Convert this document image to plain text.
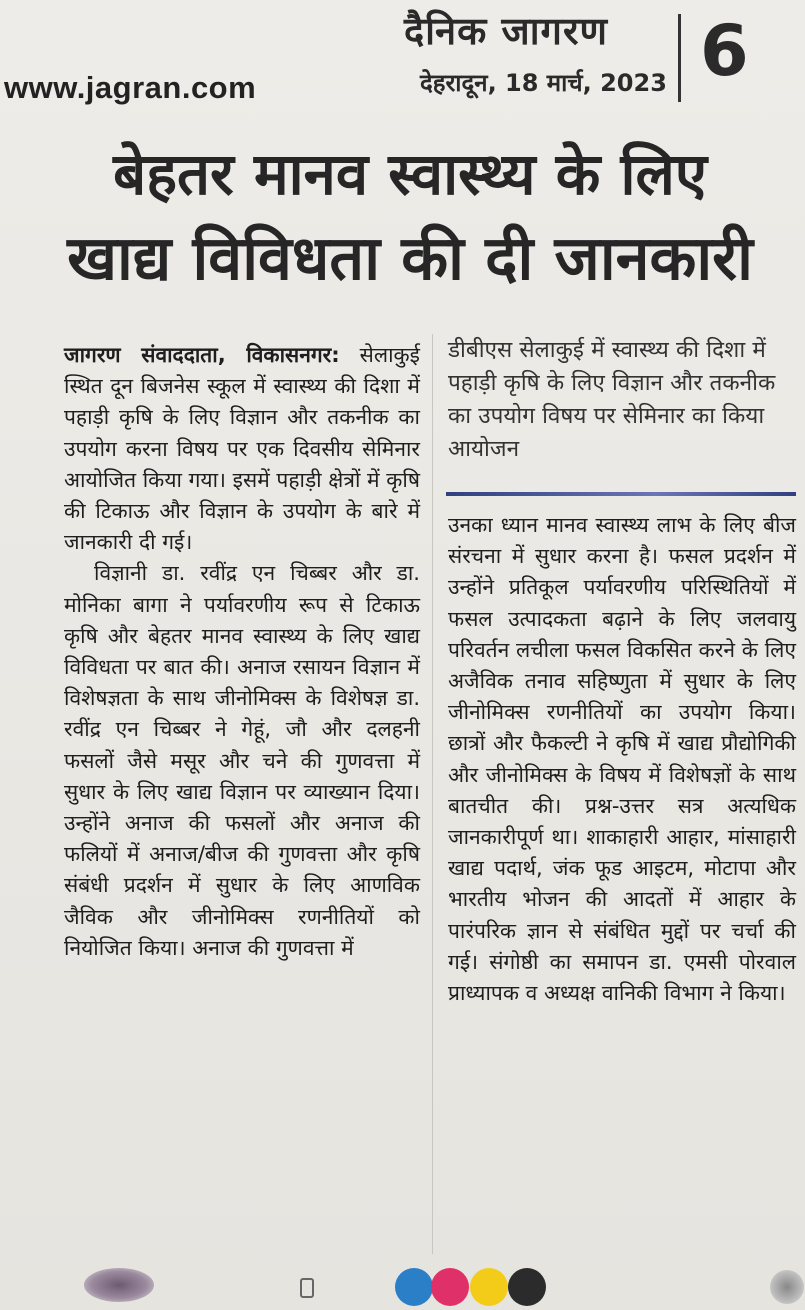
www.jagran.com
दैनिक जागरण
देहरादून, 18 मार्च, 2023 6
बेहतर मानव स्वास्थ्य के लिए
खाद्य विविधता की दी जानकारी

जागरण संवाददाता, विकासनगर: सेलाकुई स्थित दून बिजनेस स्कूल में स्वास्थ्य की दिशा में पहाड़ी कृषि के लिए विज्ञान और तकनीक का उपयोग करना विषय पर एक दिवसीय सेमिनार आयोजित किया गया। इसमें पहाड़ी क्षेत्रों में कृषि की टिकाऊ और विज्ञान के उपयोग के बारे में जानकारी दी गई।

विज्ञानी डा. रवींद्र एन चिब्बर और डा. मोनिका बागा ने पर्यावरणीय रूप से टिकाऊ कृषि और बेहतर मानव स्वास्थ्य के लिए खाद्य विविधता पर बात की। अनाज रसायन विज्ञान में विशेषज्ञता के साथ जीनोमिक्स के विशेषज्ञ डा. रवींद्र एन चिब्बर ने गेहूं, जौ और दलहनी फसलों जैसे मसूर और चने की गुणवत्ता में सुधार के लिए खाद्य विज्ञान पर व्याख्यान दिया। उन्होंने अनाज की फसलों और अनाज की फलियों में अनाज/बीज की गुणवत्ता और कृषि संबंधी प्रदर्शन में सुधार के लिए आणविक जैविक और जीनोमिक्स रणनीतियों को नियोजित किया। अनाज की गुणवत्ता में

डीबीएस सेलाकुई में स्वास्थ्य की दिशा में पहाड़ी कृषि के लिए विज्ञान और तकनीक का उपयोग विषय पर सेमिनार का किया आयोजन

उनका ध्यान मानव स्वास्थ्य लाभ के लिए बीज संरचना में सुधार करना है। फसल प्रदर्शन में उन्होंने प्रतिकूल पर्यावरणीय परिस्थितियों में फसल उत्पादकता बढ़ाने के लिए जलवायु परिवर्तन लचीला फसल विकसित करने के लिए अजैविक तनाव सहिष्णुता में सुधार के लिए जीनोमिक्स रणनीतियों का उपयोग किया। छात्रों और फैकल्टी ने कृषि में खाद्य प्रौद्योगिकी और जीनोमिक्स के विषय में विशेषज्ञों के साथ बातचीत की। प्रश्न-उत्तर सत्र अत्यधिक जानकारीपूर्ण था। शाकाहारी आहार, मांसाहारी खाद्य पदार्थ, जंक फूड आइटम, मोटापा और भारतीय भोजन की आदतों में आहार के पारंपरिक ज्ञान से संबंधित मुद्दों पर चर्चा की गई। संगोष्ठी का समापन डा. एमसी पोरवाल प्राध्यापक व अध्यक्ष वानिकी विभाग ने किया।
